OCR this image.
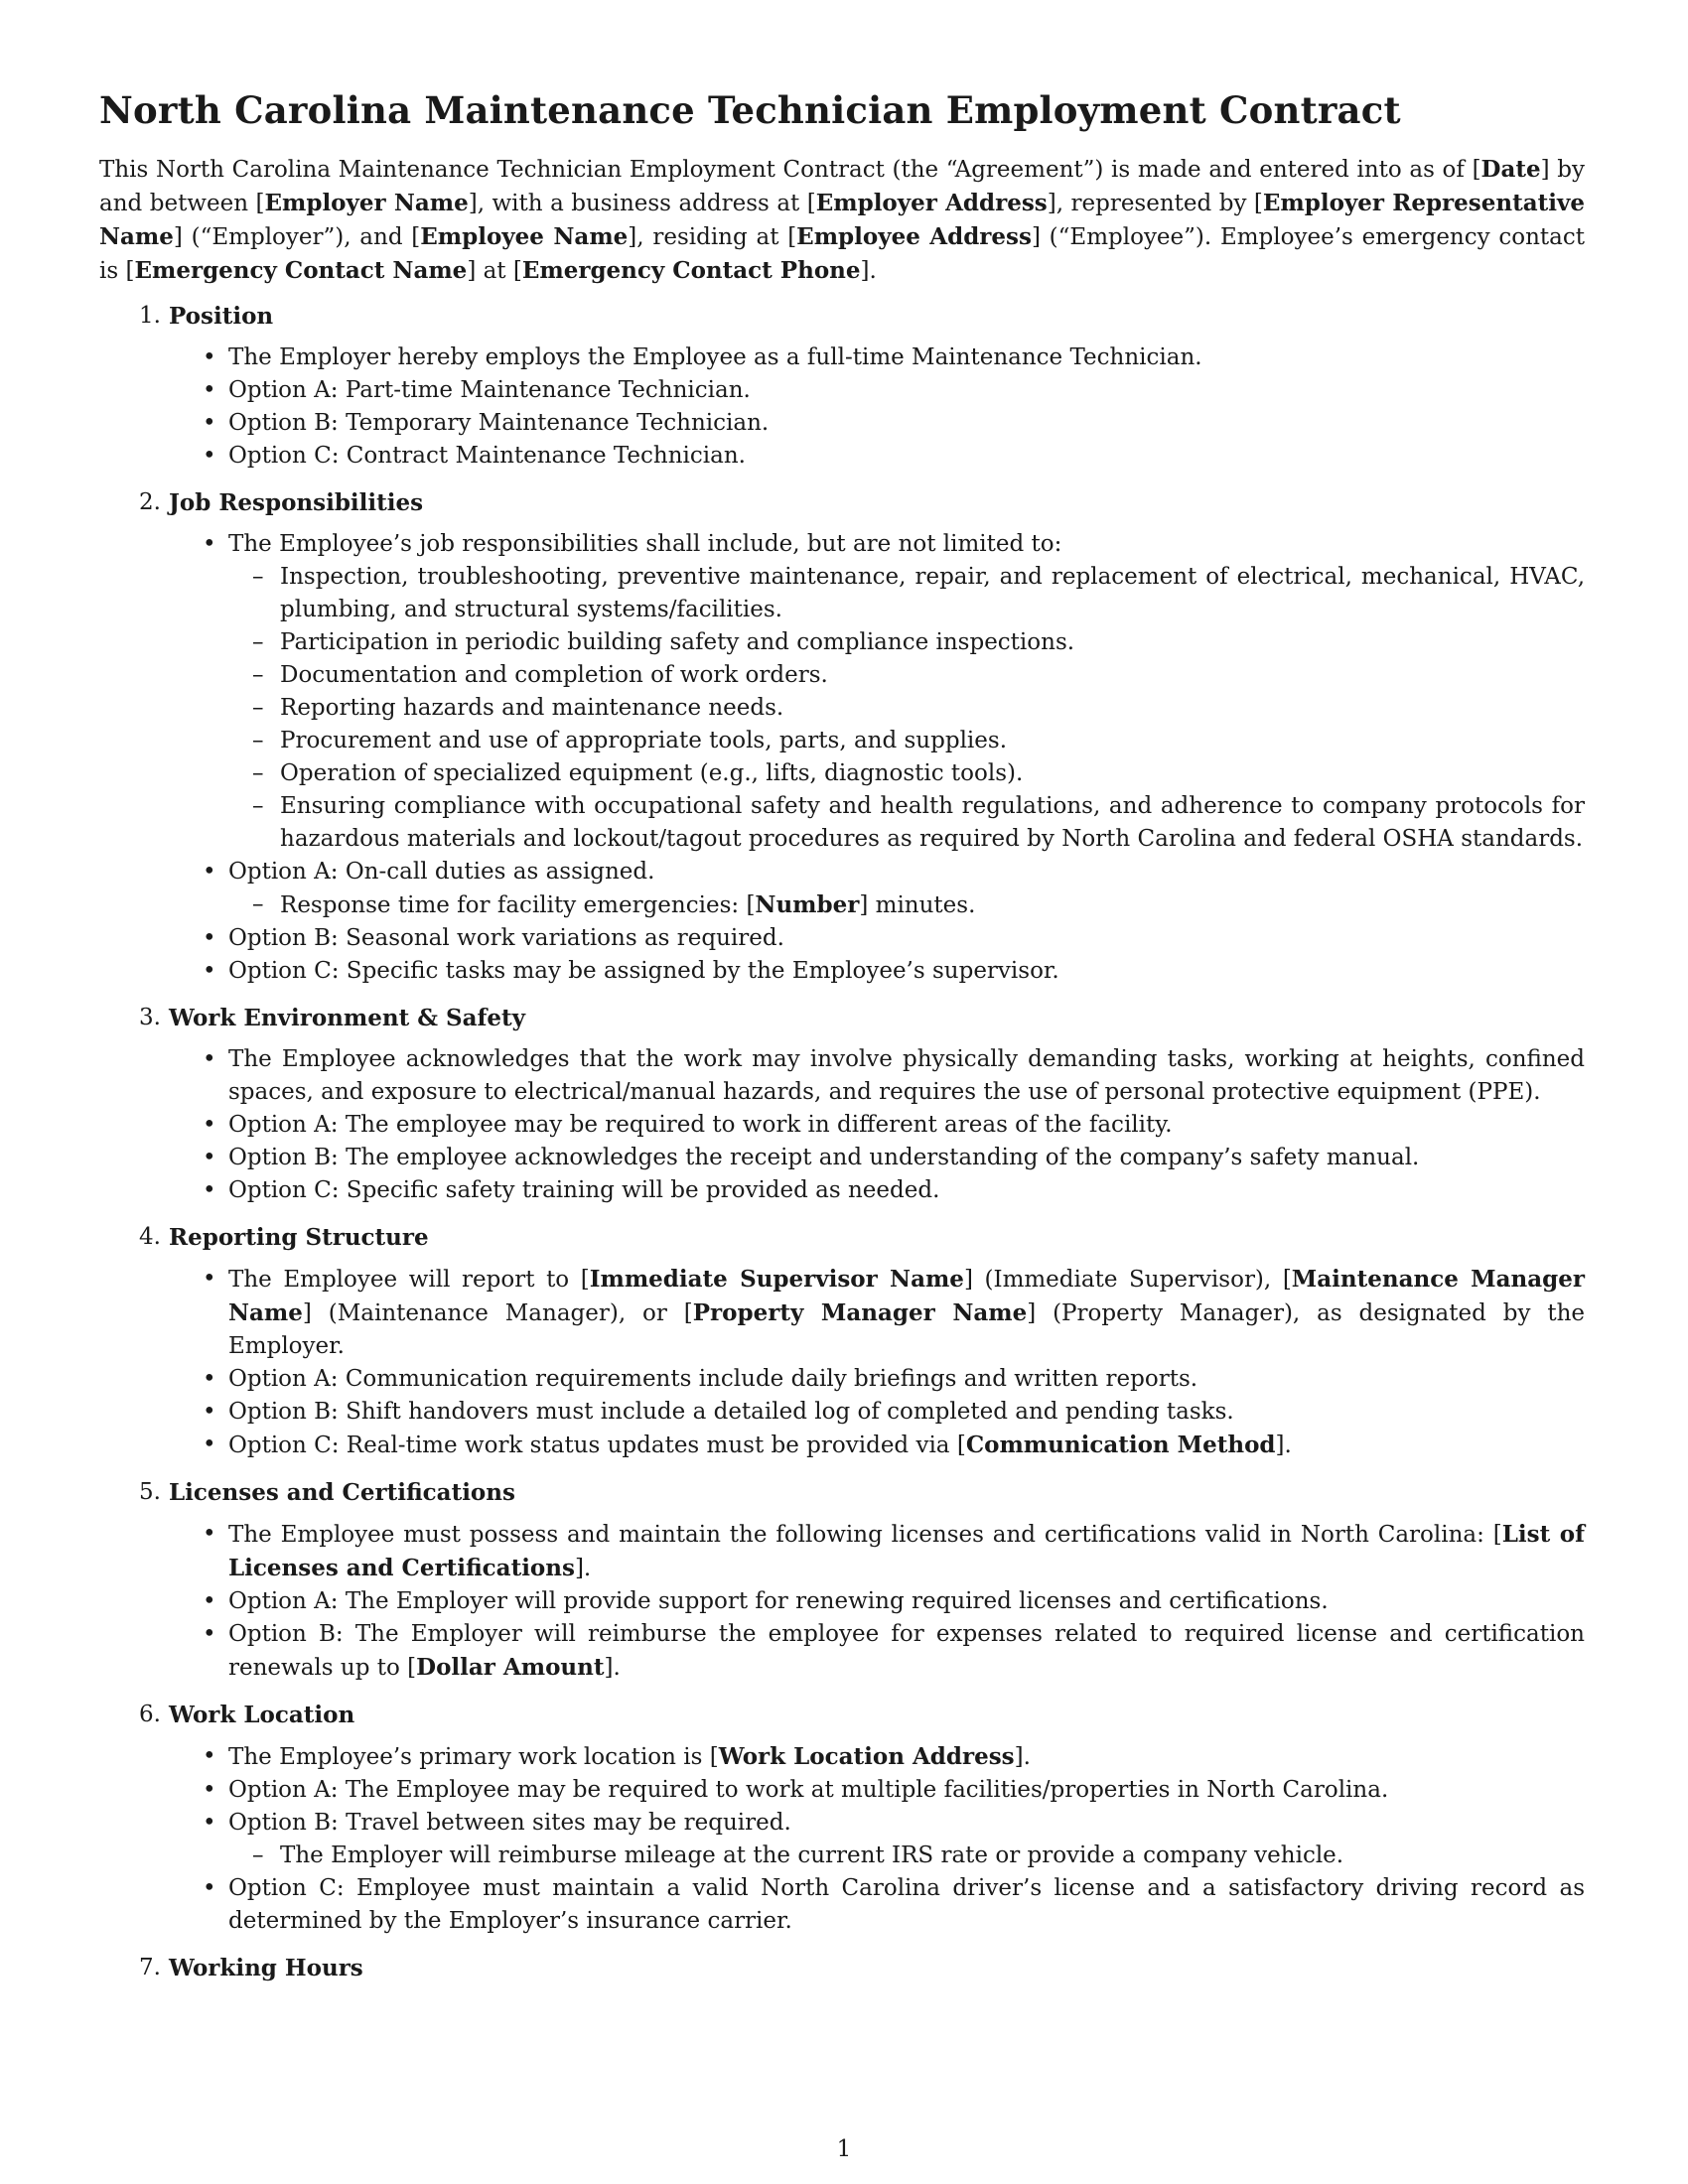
North Carolina Maintenance Technician Employment Contract

This North Carolina Maintenance Technician Employment Contract (the “Agreement”) is made and entered into as of [Date] by and between [Employer Name], with a business address at [Employer Address], represented by [Employer Representative Name] (“Employer”), and [Employee Name], residing at [Employee Address] (“Employee”). Employee’s emergency contact is [Emergency Contact Name] at [Emergency Contact Phone].

1. Position
• The Employer hereby employs the Employee as a full-time Maintenance Technician.
• Option A: Part-time Maintenance Technician.
• Option B: Temporary Maintenance Technician.
• Option C: Contract Maintenance Technician.
2. Job Responsibilities
• The Employee’s job responsibilities shall include, but are not limited to:
– Inspection, troubleshooting, preventive maintenance, repair, and replacement of electrical, mechanical, HVAC, plumbing, and structural systems/facilities.
– Participation in periodic building safety and compliance inspections.
– Documentation and completion of work orders.
– Reporting hazards and maintenance needs.
– Procurement and use of appropriate tools, parts, and supplies.
– Operation of specialized equipment (e.g., lifts, diagnostic tools).
– Ensuring compliance with occupational safety and health regulations, and adherence to company protocols for hazardous materials and lockout/tagout procedures as required by North Carolina and federal OSHA standards.
• Option A: On-call duties as assigned.
– Response time for facility emergencies: [Number] minutes.
• Option B: Seasonal work variations as required.
• Option C: Specific tasks may be assigned by the Employee’s supervisor.
3. Work Environment & Safety
• The Employee acknowledges that the work may involve physically demanding tasks, working at heights, confined spaces, and exposure to electrical/manual hazards, and requires the use of personal protective equipment (PPE).
• Option A: The employee may be required to work in different areas of the facility.
• Option B: The employee acknowledges the receipt and understanding of the company’s safety manual.
• Option C: Specific safety training will be provided as needed.
4. Reporting Structure
• The Employee will report to [Immediate Supervisor Name] (Immediate Supervisor), [Maintenance Manager Name] (Maintenance Manager), or [Property Manager Name] (Property Manager), as designated by the Employer.
• Option A: Communication requirements include daily briefings and written reports.
• Option B: Shift handovers must include a detailed log of completed and pending tasks.
• Option C: Real-time work status updates must be provided via [Communication Method].
5. Licenses and Certifications
• The Employee must possess and maintain the following licenses and certifications valid in North Carolina: [List of Licenses and Certifications].
• Option A: The Employer will provide support for renewing required licenses and certifications.
• Option B: The Employer will reimburse the employee for expenses related to required license and certification renewals up to [Dollar Amount].
6. Work Location
• The Employee’s primary work location is [Work Location Address].
• Option A: The Employee may be required to work at multiple facilities/properties in North Carolina.
• Option B: Travel between sites may be required.
– The Employer will reimburse mileage at the current IRS rate or provide a company vehicle.
• Option C: Employee must maintain a valid North Carolina driver’s license and a satisfactory driving record as determined by the Employer’s insurance carrier.
7. Working Hours
1
